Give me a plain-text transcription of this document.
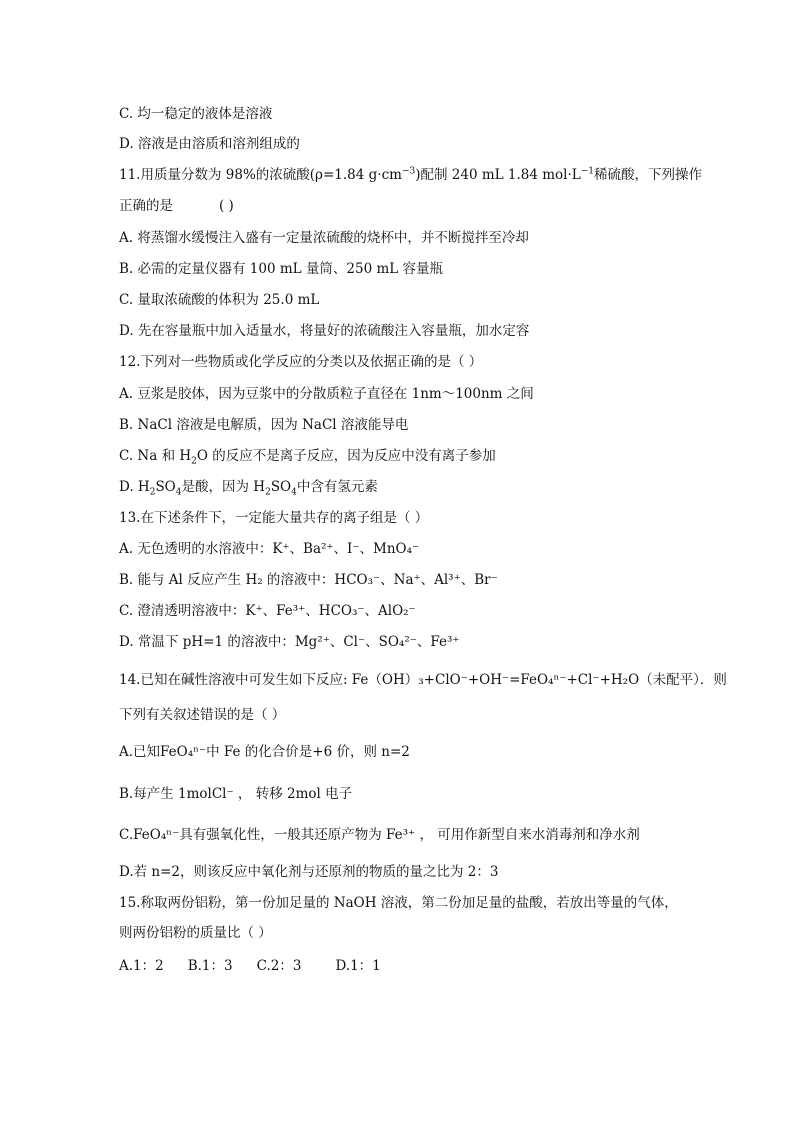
C. 均一稳定的液体是溶液
D. 溶液是由溶质和溶剂组成的
11.用质量分数为 98%的浓硫酸(ρ=1.84 $g\cdot cm^{-3}$)配制 240 mL 1.84 $mol\cdot L^{-1}$稀硫酸，下列操作
正确的是	( )
A. 将蒸馏水缓慢注入盛有一定量浓硫酸的烧杯中，并不断搅拌至冷却
B. 必需的定量仪器有 100 mL 量筒、250 mL 容量瓶
C. 量取浓硫酸的体积为 25.0 mL
D. 先在容量瓶中加入适量水，将量好的浓硫酸注入容量瓶，加水定容
12.下列对一些物质或化学反应的分类以及依据正确的是（ ）
A. 豆浆是胶体，因为豆浆中的分散质粒子直径在 1nm～100nm 之间
B. NaCl 溶液是电解质，因为 NaCl 溶液能导电
C. Na 和 $H_2O$ 的反应不是离子反应，因为反应中没有离子参加
D. $H_2SO_4$是酸，因为 $H_2SO_4$中含有氢元素
13.在下述条件下，一定能大量共存的离子组是（ ）
A. 无色透明的水溶液中：K⁺、Ba²⁺、I⁻、MnO₄⁻
B. 能与 Al 反应产生 H₂ 的溶液中：HCO₃⁻、Na⁺、Al³⁺、Br⁻
C. 澄清透明溶液中：K⁺、Fe³⁺、HCO₃⁻、AlO₂⁻
D. 常温下 pH=1 的溶液中：Mg²⁺、Cl⁻、SO₄²⁻、Fe³⁺
14.已知在碱性溶液中可发生如下反应: Fe（OH）₃+ClO⁻+OH⁻=FeO₄ⁿ⁻+Cl⁻+H₂O（未配平）．则
下列有关叙述错误的是（ ）
A.已知FeO₄ⁿ⁻中 Fe 的化合价是+6 价，则 n=2
B.每产生 1molCl⁻ ， 转移 2mol 电子
C.FeO₄ⁿ⁻具有强氧化性，一般其还原产物为 Fe³⁺ ， 可用作新型自来水消毒剂和净水剂
D.若 n=2，则该反应中氧化剂与还原剂的物质的量之比为 2：3
15.称取两份铝粉，第一份加足量的 NaOH 溶液，第二份加足量的盐酸，若放出等量的气体，
则两份铝粉的质量比（ ）
A.1：2 B.1：3 C.2：3	D.1：1
